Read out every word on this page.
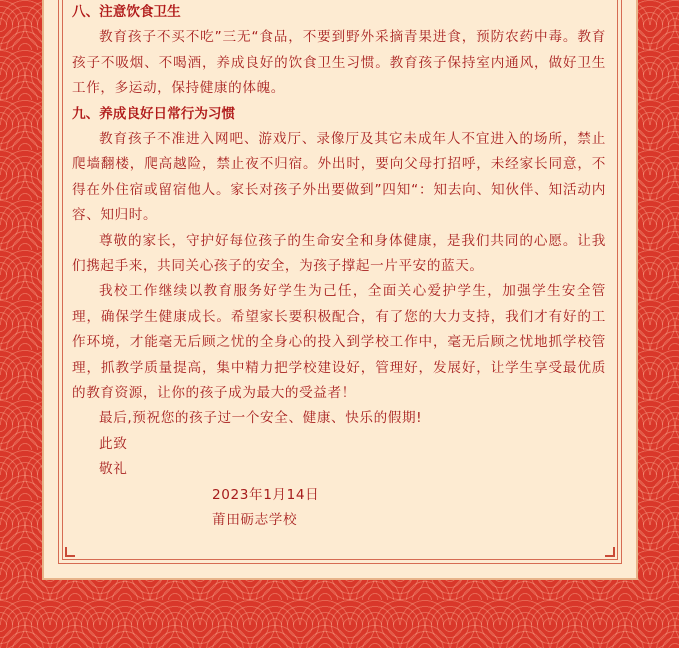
八、注意饮食卫生

教育孩子不买不吃”三无“食品，不要到野外采摘青果进食，预防农药中毒。教育孩子不吸烟、不喝酒，养成良好的饮食卫生习惯。教育孩子保持室内通风，做好卫生工作，多运动，保持健康的体魄。

九、养成良好日常行为习惯

教育孩子不准进入网吧、游戏厅、录像厅及其它未成年人不宜进入的场所，禁止爬墙翻楼，爬高越险，禁止夜不归宿。外出时，要向父母打招呼，未经家长同意，不得在外住宿或留宿他人。家长对孩子外出要做到”四知“：知去向、知伙伴、知活动内容、知归时。

尊敬的家长，守护好每位孩子的生命安全和身体健康，是我们共同的心愿。让我们携起手来，共同关心孩子的安全，为孩子撑起一片平安的蓝天。

我校工作继续以教育服务好学生为己任，全面关心爱护学生，加强学生安全管理，确保学生健康成长。希望家长要积极配合，有了您的大力支持，我们才有好的工作环境，才能毫无后顾之忧的全身心的投入到学校工作中，毫无后顾之忧地抓学校管理，抓教学质量提高，集中精力把学校建设好，管理好，发展好，让学生享受最优质的教育资源，让你的孩子成为最大的受益者！

最后,预祝您的孩子过一个安全、健康、快乐的假期!

此致

敬礼

2023年1月14日

莆田砺志学校
